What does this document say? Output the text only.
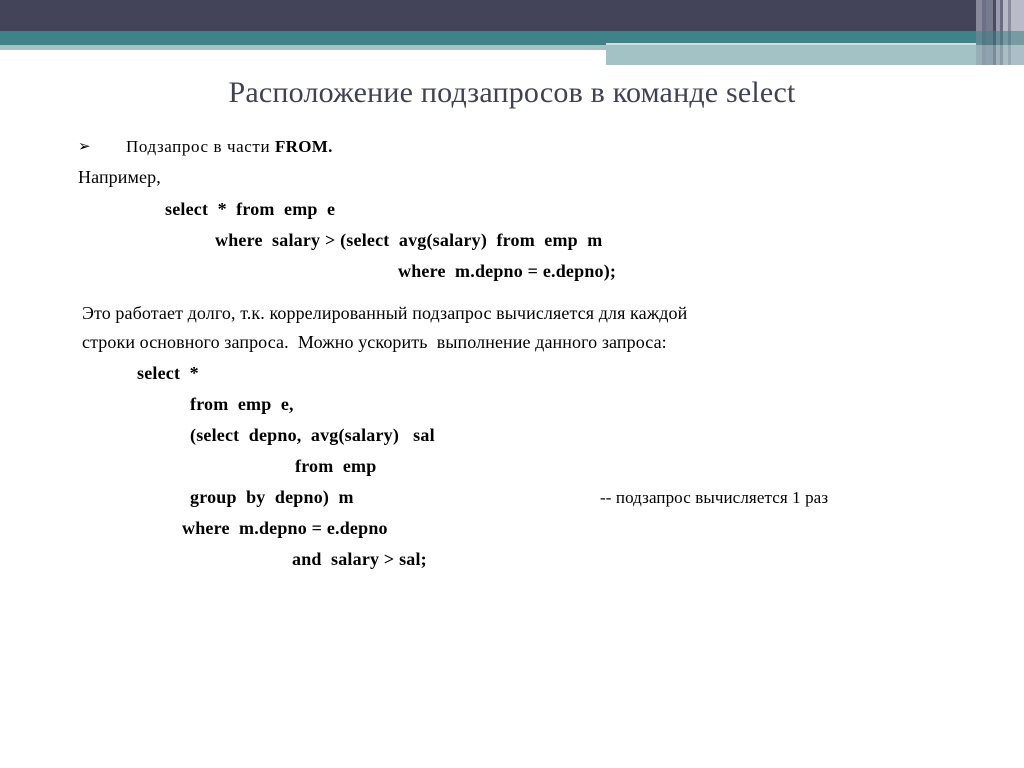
Расположение подзапросов в команде select
➢ Подзапрос в части FROM.
Например,
select  *  from  emp  e
where  salary > (select  avg(salary)  from  emp  m
where  m.depno = e.depno);
Это работает долго, т.к. коррелированный подзапрос вычисляется для каждой
строки основного запроса.  Можно ускорить  выполнение данного запроса:
select  *
from  emp  e,
(select  depno,  avg(salary)   sal
from  emp
group  by  depno)  m	-- подзапрос вычисляется 1 раз
where  m.depno = e.depno
and  salary > sal;
